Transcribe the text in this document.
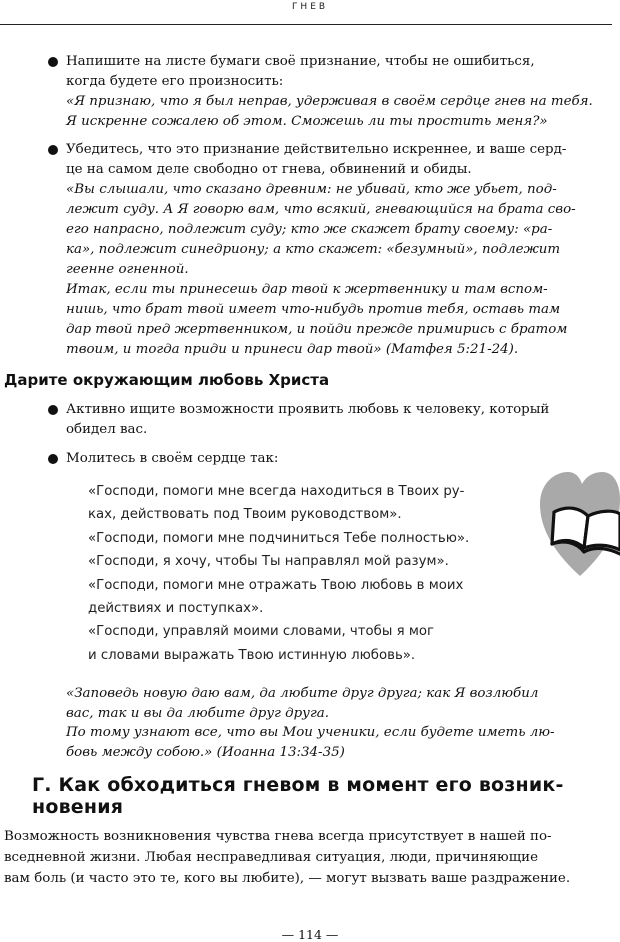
ГНЕВ
Напишите на листе бумаги своё признание, чтобы не ошибиться,
когда будете его произносить:
«Я признаю, что я был неправ, удерживая в своём сердце гнев на тебя.
Я искренне сожалею об этом. Сможешь ли ты простить меня?»
Убедитесь, что это признание действительно искреннее, и ваше серд-
це на самом деле свободно от гнева, обвинений и обиды.
«Вы слышали, что сказано древним: не убивай, кто же убьет, под-
лежит суду. А Я говорю вам, что всякий, гневающийся на брата сво-
его напрасно, подлежит суду; кто же скажет брату своему: «ра-
ка», подлежит синедриону; а кто скажет: «безумный», подлежит
геенне огненной.
Итак, если ты принесешь дар твой к жертвеннику и там вспом-
нишь, что брат твой имеет что-нибудь против тебя, оставь там
дар твой пред жертвенником, и пойди прежде примирись с братом
твоим, и тогда приди и принеси дар твой» (Матфея 5:21-24).
Дарите окружающим любовь Христа
Активно ищите возможности проявить любовь к человеку, который
обидел вас.
Молитесь в своём сердце так:
«Господи, помоги мне всегда находиться в Твоих ру-
ках, действовать под Твоим руководством».
«Господи, помоги мне подчиниться Тебе полностью».
«Господи, я хочу, чтобы Ты направлял мой разум».
«Господи, помоги мне отражать Твою любовь в моих
действиях и поступках».
«Господи, управляй моими словами, чтобы я мог
и словами выражать Твою истинную любовь».
«Заповедь новую даю вам, да любите друг друга; как Я возлюбил
вас, так и вы да любите друг друга.
По тому узнают все, что вы Мои ученики, если будете иметь лю-
бовь между собою.» (Иоанна 13:34-35)
Г. Как обходиться гневом в момент его возник-
новения
Возможность возникновения чувства гнева всегда присутствует в нашей по-
вседневной жизни. Любая несправедливая ситуация, люди, причиняющие
вам боль (и часто это те, кого вы любите), — могут вызвать ваше раздражение.
— 114 —
